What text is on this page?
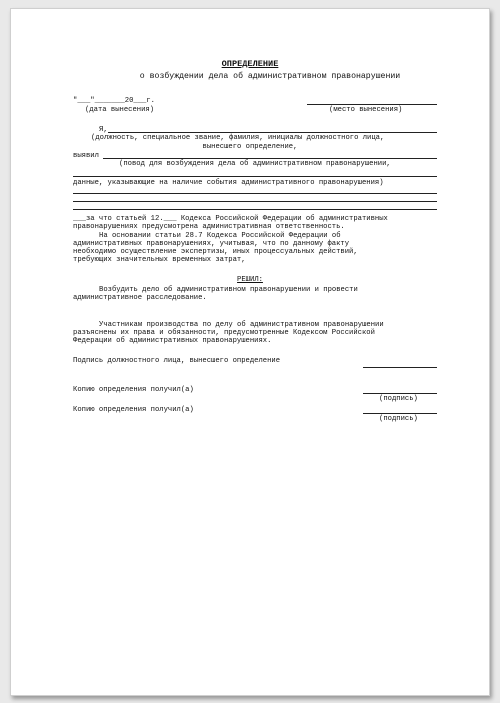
ОПРЕДЕЛЕНИЕ
о возбуждении дела об административном правонарушении
"___"_______20___г.
(дата вынесения)	(место вынесения)
Я,
(должность, специальное звание, фамилия, инициалы должностного лица,
вынесшего определение,
выявил
(повод для возбуждения дела об административном правонарушении,
данные, указывающие на наличие события административного правонарушения)
___за что статьей 12.___ Кодекса Российской Федерации об административных
правонарушениях предусмотрена административная ответственность.
На основании статьи 28.7 Кодекса Российской Федерации об
административных правонарушениях, учитывая, что по данному факту
необходимо осуществление экспертизы, иных процессуальных действий,
требующих значительных временных затрат,
РЕШИЛ:
Возбудить дело об административном правонарушении и провести
административное расследование.
Участникам производства по делу об административном правонарушении
разъяснены их права и обязанности, предусмотренные Кодексом Российской
Федерации об административных правонарушениях.
Подпись должностного лица, вынесшего определение
Копию определения получил(а)
(подпись)
Копию определения получил(а)
(подпись)
